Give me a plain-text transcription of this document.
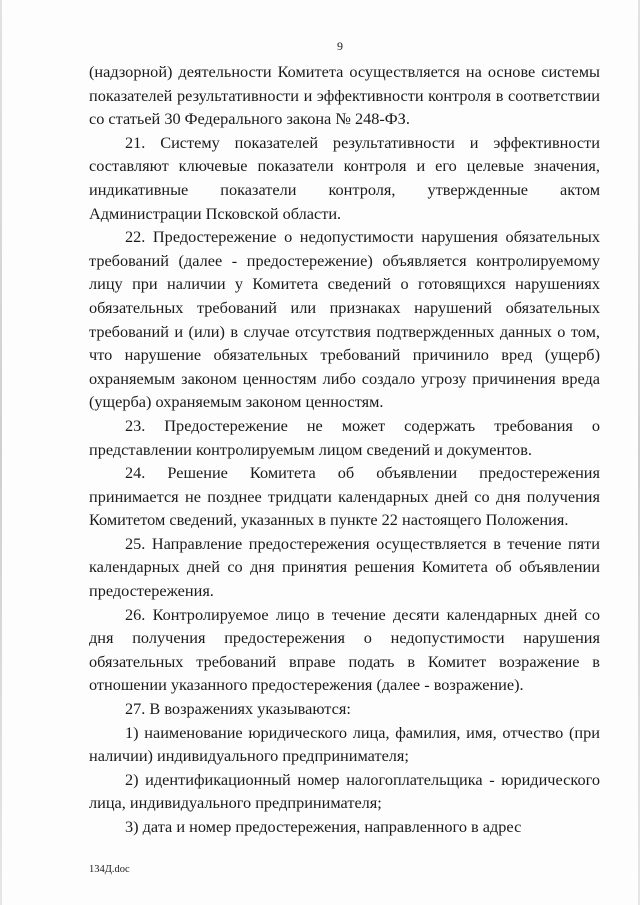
9

(надзорной) деятельности Комитета осуществляется на основе системы показателей результативности и эффективности контроля в соответствии со статьей 30 Федерального закона № 248-ФЗ.

21. Систему показателей результативности и эффективности составляют ключевые показатели контроля и его целевые значения, индикативные показатели контроля, утвержденные актом Администрации Псковской области.

22. Предостережение о недопустимости нарушения обязательных требований (далее - предостережение) объявляется контролируемому лицу при наличии у Комитета сведений о готовящихся нарушениях обязательных требований или признаках нарушений обязательных требований и (или) в случае отсутствия подтвержденных данных о том, что нарушение обязательных требований причинило вред (ущерб) охраняемым законом ценностям либо создало угрозу причинения вреда (ущерба) охраняемым законом ценностям.

23. Предостережение не может содержать требования о представлении контролируемым лицом сведений и документов.

24. Решение Комитета об объявлении предостережения принимается не позднее тридцати календарных дней со дня получения Комитетом сведений, указанных в пункте 22 настоящего Положения.

25. Направление предостережения осуществляется в течение пяти календарных дней со дня принятия решения Комитета об объявлении предостережения.

26. Контролируемое лицо в течение десяти календарных дней со дня получения предостережения о недопустимости нарушения обязательных требований вправе подать в Комитет возражение в отношении указанного предостережения (далее - возражение).

27. В возражениях указываются:

1) наименование юридического лица, фамилия, имя, отчество (при наличии) индивидуального предпринимателя;

2) идентификационный номер налогоплательщика - юридического лица, индивидуального предпринимателя;

3) дата и номер предостережения, направленного в адрес

134Д.doc
